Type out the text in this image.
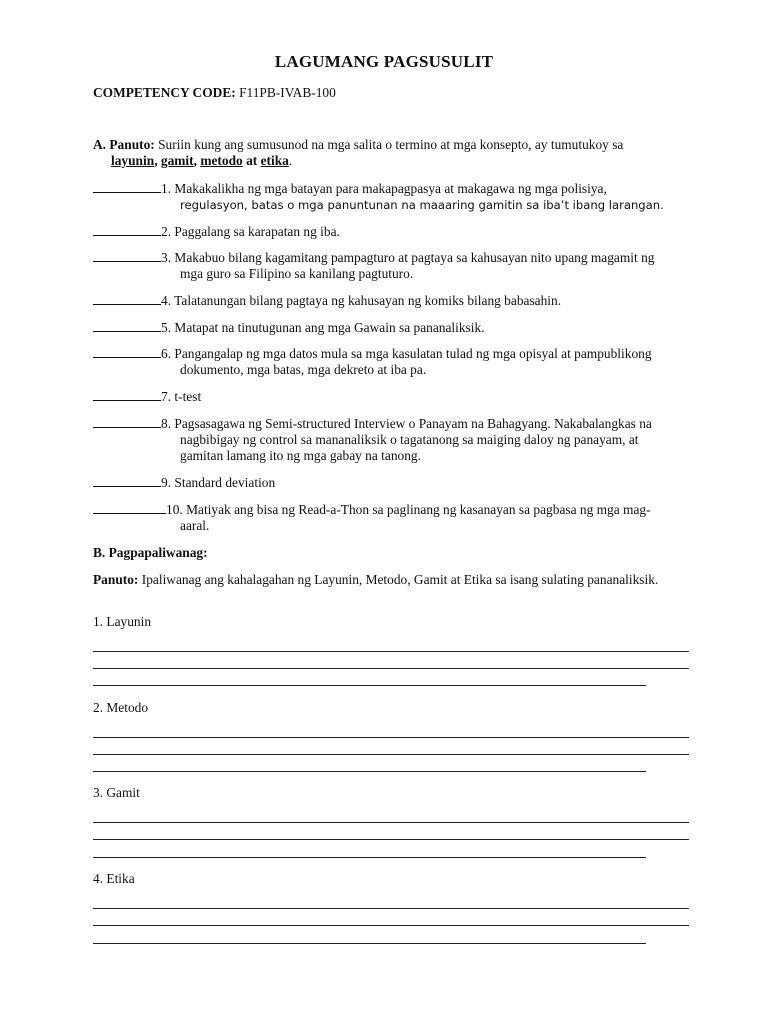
LAGUMANG PAGSUSULIT
COMPETENCY CODE: F11PB-IVAB-100
A. Panuto: Suriin kung ang sumusunod na mga salita o termino at mga konsepto, ay tumutukoy sa
layunin, gamit, metodo at etika.
1. Makakalikha ng mga batayan para makapagpasya at makagawa ng mga polisiya,
regulasyon, batas o mga panuntunan na maaaring gamitin sa iba’t ibang larangan.
2. Paggalang sa karapatan ng iba.
3. Makabuo bilang kagamitang pampagturo at pagtaya sa kahusayan nito upang magamit ng
mga guro sa Filipino sa kanilang pagtuturo.
4. Talatanungan bilang pagtaya ng kahusayan ng komiks bilang babasahin.
5. Matapat na tinutugunan ang mga Gawain sa pananaliksik.
6. Pangangalap ng mga datos mula sa mga kasulatan tulad ng mga opisyal at pampublikong
dokumento, mga batas, mga dekreto at iba pa.
7. t-test
8. Pagsasagawa ng Semi-structured Interview o Panayam na Bahagyang. Nakabalangkas na
nagbibigay ng control sa mananaliksik o tagatanong sa maiging daloy ng panayam, at
gamitan lamang ito ng mga gabay na tanong.
9. Standard deviation
10. Matiyak ang bisa ng Read-a-Thon sa paglinang ng kasanayan sa pagbasa ng mga mag-
aaral.
B. Pagpapaliwanag:
Panuto: Ipaliwanag ang kahalagahan ng Layunin, Metodo, Gamit at Etika sa isang sulating pananaliksik.
1. Layunin
2. Metodo
3. Gamit
4. Etika
